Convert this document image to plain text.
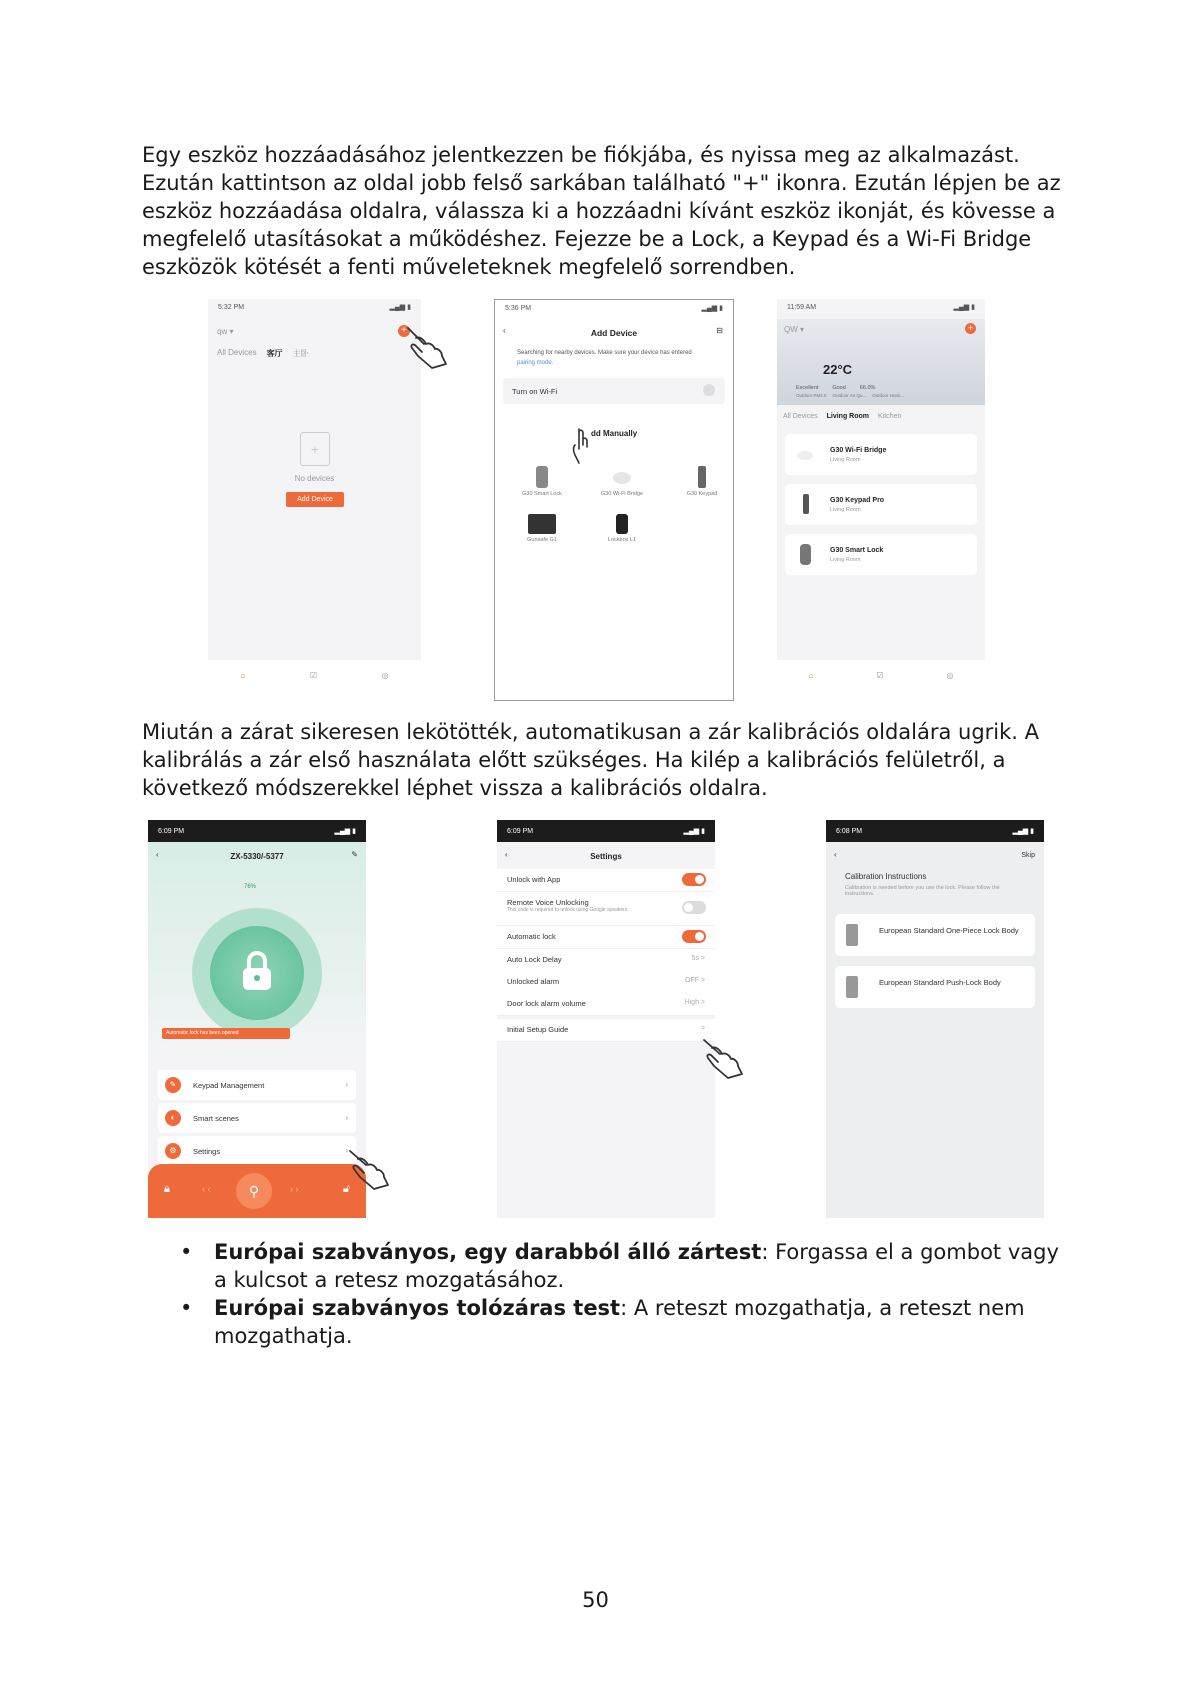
Egy eszköz hozzáadásához jelentkezzen be fiókjába, és nyissa meg az alkalmazást. Ezután kattintson az oldal jobb felső sarkában található "+" ikonra. Ezután lépjen be az eszköz hozzáadása oldalra, válassza ki a hozzáadni kívánt eszköz ikonját, és kövesse a megfelelő utasításokat a működéshez. Fejezze be a Lock, a Keypad és a Wi-Fi Bridge eszközök kötését a fenti műveleteknek megfelelő sorrendben.

5:32 PM	▂▄▆ ▮
qw ▾	+
All Devices 客厅 主卧
+
No devices
Add Device
⌂	☑	◎
5:36 PM	▂▄▆ ▮
‹	Add Device	⊟
Searching for nearby devices. Make sure your device has entered
pairing mode.
Turn on Wi-Fi
dd Manually
G30 Smart Lock	G30 Wi-Fi Bridge	G30 Keypad
Gunsafe G1	Lockbox L1
11:59 AM	▂▄▆ ▮
QW ▾	+
22°C
Excellent	Good	66.0%
Outdoor PM2.5 Outdoor Air Qu... Outdoor Humi...
All Devices Living Room Kitchen
G30 Wi-Fi Bridge
Living Room
G30 Keypad Pro
Living Room
G30 Smart Lock
Living Room
⌂	☑	◎

Miután a zárat sikeresen lekötötték, automatikusan a zár kalibrációs oldalára ugrik. A kalibrálás a zár első használata előtt szükséges. Ha kilép a kalibrációs felületről, a következő módszerekkel léphet vissza a kalibrációs oldalra.

6:09 PM	▂▄▆ ▮
‹	ZX-5330/-5377	✎
76%
Automatic lock has been opened
✎	Keypad Management	›
◐	Smart scenes	›
⚙	Settings	›
🔒︎	‹ ‹	⚲	› ›	🔓︎
6:09 PM	▂▄▆ ▮
‹	Settings
Unlock with App
Remote Voice Unlocking
This code is required to unlock using Google speakers
Automatic lock
Auto Lock Delay	5s >
Unlocked alarm	OFF >
Door lock alarm volume	High >
Initial Setup Guide	>
6:08 PM	▂▄▆ ▮
‹	Skip
Calibration Instructions
Calibration is needed before you use the lock. Please follow the instructions.
European Standard One-Piece Lock Body
European Standard Push-Lock Body
• Európai szabványos, egy darabból álló zártest: Forgassa el a gombot vagy a kulcsot a retesz mozgatásához.
• Európai szabványos tolózáras test: A reteszt mozgathatja, a reteszt nem mozgathatja.
50
